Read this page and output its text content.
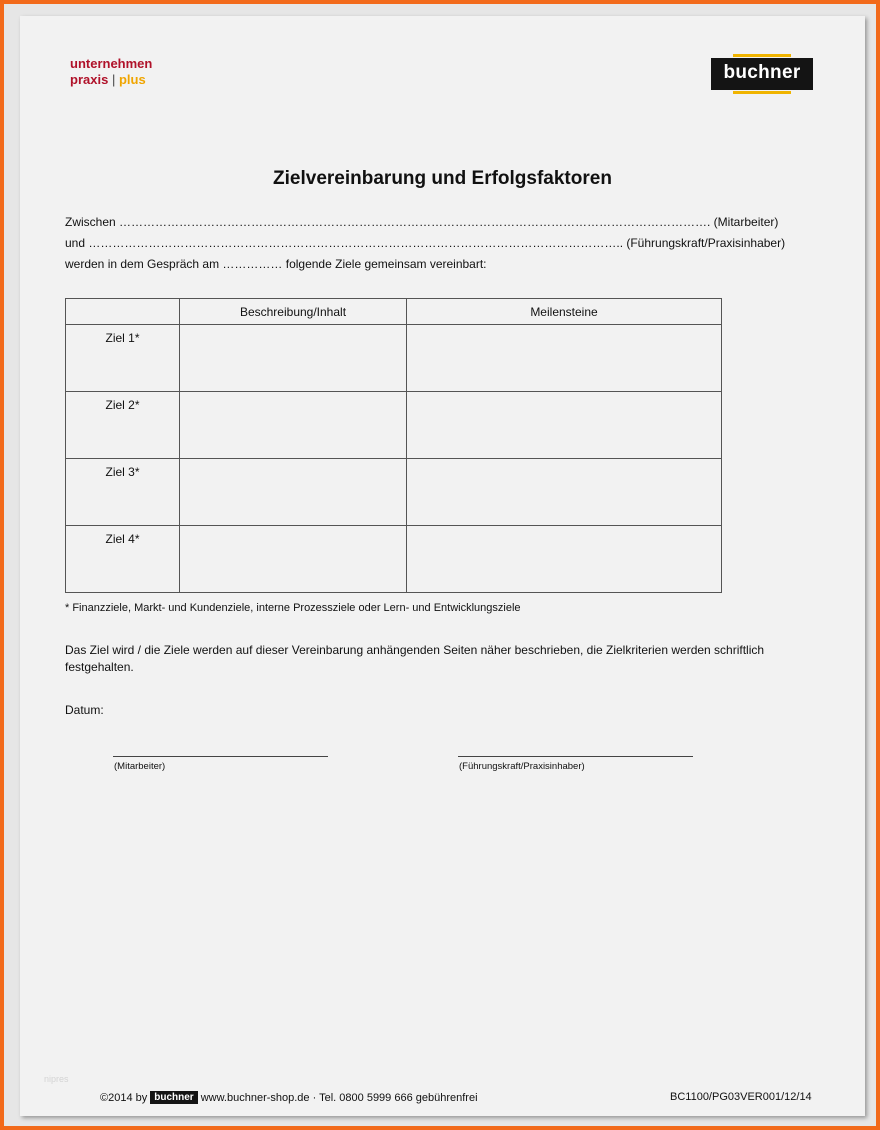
unternehmen
praxis | plus	buchner
Zielvereinbarung und Erfolgsfaktoren
Zwischen …………………………………………………………………………………………………………………………………. (Mitarbeiter)
und …………………………………………………………………………………………………………………….. (Führungskraft/Praxisinhaber)
werden in dem Gespräch am …………… folgende Ziele gemeinsam vereinbart:
	Beschreibung/Inhalt	Meilensteine
Ziel 1*		
Ziel 2*		
Ziel 3*		
Ziel 4*		
* Finanzziele, Markt- und Kundenziele, interne Prozessziele oder Lern- und Entwicklungsziele
Das Ziel wird / die Ziele werden auf dieser Vereinbarung anhängenden Seiten näher beschrieben, die Zielkriterien werden schriftlich festgehalten.
Datum:
(Mitarbeiter)	(Führungskraft/Praxisinhaber)
nipres
©2014 by buchner www.buchner-shop.de · Tel. 0800 5999 666 gebührenfrei	BC1100/PG03VER001/12/14
